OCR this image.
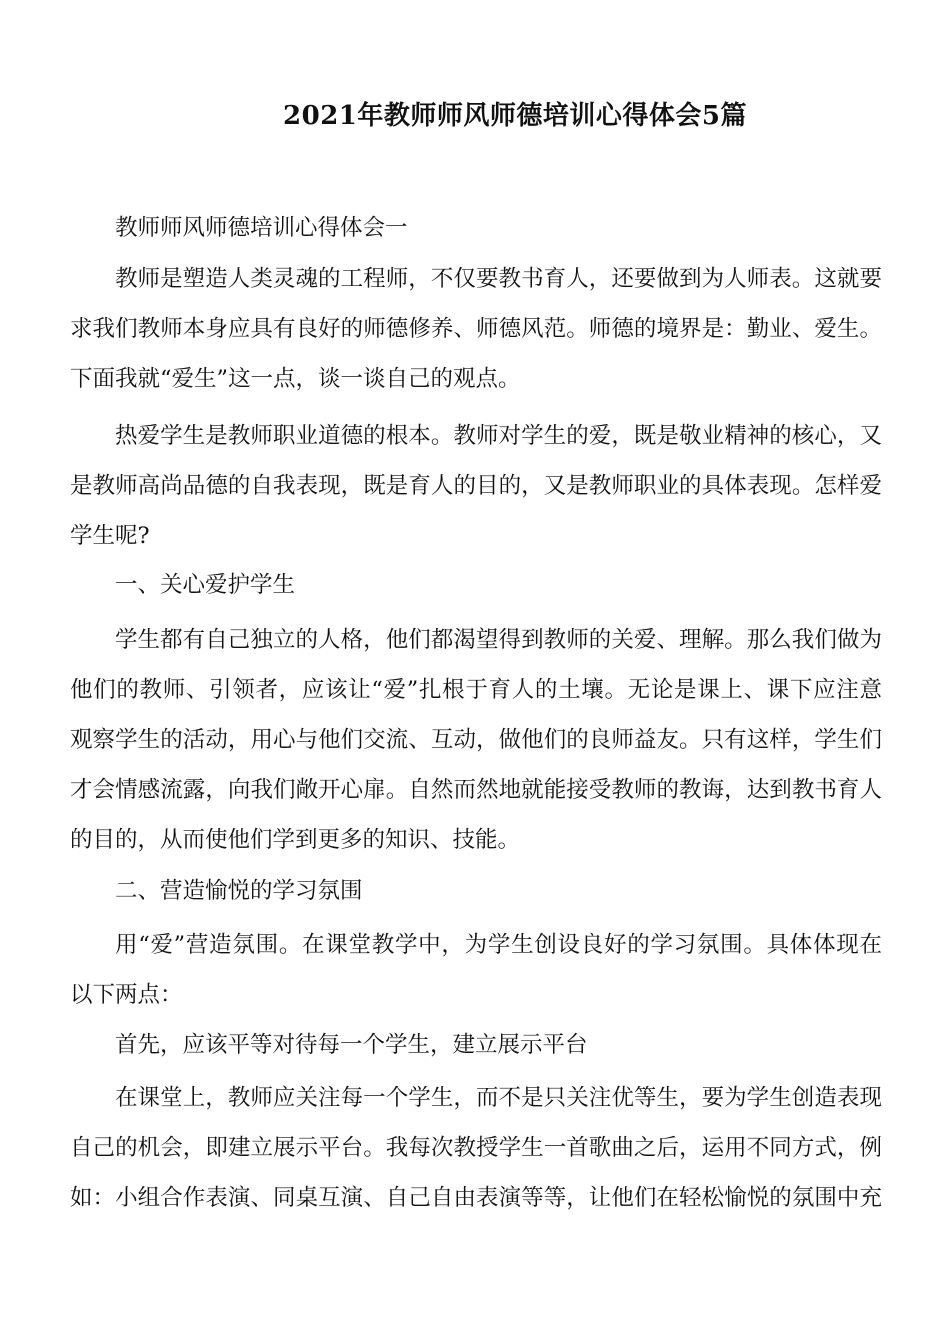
2021年教师师风师德培训心得体会5篇
教师师风师德培训心得体会一
教师是塑造人类灵魂的工程师，不仅要教书育人，还要做到为人师表。这就要
求我们教师本身应具有良好的师德修养、师德风范。师德的境界是：勤业、爱生。
下面我就“爱生”这一点，谈一谈自己的观点。
热爱学生是教师职业道德的根本。教师对学生的爱，既是敬业精神的核心，又
是教师高尚品德的自我表现，既是育人的目的，又是教师职业的具体表现。怎样爱
学生呢?
一、关心爱护学生
学生都有自己独立的人格，他们都渴望得到教师的关爱、理解。那么我们做为
他们的教师、引领者，应该让“爱”扎根于育人的土壤。无论是课上、课下应注意
观察学生的活动，用心与他们交流、互动，做他们的良师益友。只有这样，学生们
才会情感流露，向我们敞开心扉。自然而然地就能接受教师的教诲，达到教书育人
的目的，从而使他们学到更多的知识、技能。
二、营造愉悦的学习氛围
用“爱”营造氛围。在课堂教学中，为学生创设良好的学习氛围。具体体现在
以下两点：
首先，应该平等对待每一个学生，建立展示平台
在课堂上，教师应关注每一个学生，而不是只关注优等生，要为学生创造表现
自己的机会，即建立展示平台。我每次教授学生一首歌曲之后，运用不同方式，例
如：小组合作表演、同桌互演、自己自由表演等等，让他们在轻松愉悦的氛围中充
